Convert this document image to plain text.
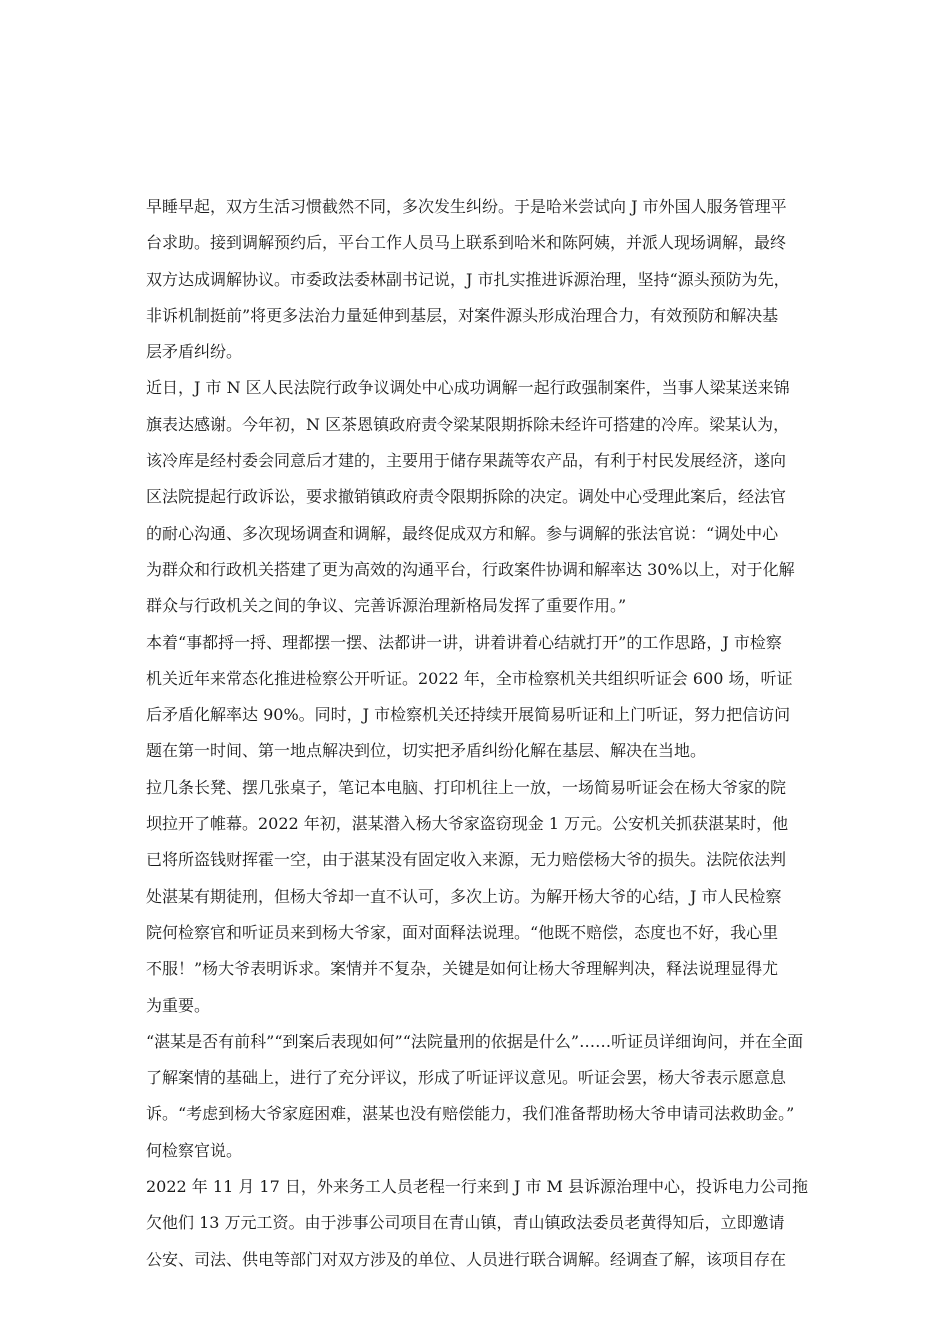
早睡早起，双方生活习惯截然不同，多次发生纠纷。于是哈米尝试向 J 市外国人服务管理平
台求助。接到调解预约后，平台工作人员马上联系到哈米和陈阿姨，并派人现场调解，最终
双方达成调解协议。市委政法委林副书记说，J 市扎实推进诉源治理，坚持“源头预防为先，
非诉机制挺前”将更多法治力量延伸到基层，对案件源头形成治理合力，有效预防和解决基
层矛盾纠纷。

近日，J 市 N 区人民法院行政争议调处中心成功调解一起行政强制案件，当事人梁某送来锦
旗表达感谢。今年初，N 区茶恩镇政府责令梁某限期拆除未经许可搭建的冷库。梁某认为，
该冷库是经村委会同意后才建的，主要用于储存果蔬等农产品，有利于村民发展经济，遂向
区法院提起行政诉讼，要求撤销镇政府责令限期拆除的决定。调处中心受理此案后，经法官
的耐心沟通、多次现场调查和调解，最终促成双方和解。参与调解的张法官说：“调处中心
为群众和行政机关搭建了更为高效的沟通平台，行政案件协调和解率达 30%以上，对于化解
群众与行政机关之间的争议、完善诉源治理新格局发挥了重要作用。”

本着“事都捋一捋、理都摆一摆、法都讲一讲，讲着讲着心结就打开”的工作思路，J 市检察
机关近年来常态化推进检察公开听证。2022 年，全市检察机关共组织听证会 600 场，听证
后矛盾化解率达 90%。同时，J 市检察机关还持续开展简易听证和上门听证，努力把信访问
题在第一时间、第一地点解决到位，切实把矛盾纠纷化解在基层、解决在当地。

拉几条长凳、摆几张桌子，笔记本电脑、打印机往上一放，一场简易听证会在杨大爷家的院
坝拉开了帷幕。2022 年初，湛某潜入杨大爷家盗窃现金 1 万元。公安机关抓获湛某时，他
已将所盗钱财挥霍一空，由于湛某没有固定收入来源，无力赔偿杨大爷的损失。法院依法判
处湛某有期徒刑，但杨大爷却一直不认可，多次上访。为解开杨大爷的心结，J 市人民检察
院何检察官和听证员来到杨大爷家，面对面释法说理。“他既不赔偿，态度也不好，我心里
不服！”杨大爷表明诉求。案情并不复杂，关键是如何让杨大爷理解判决，释法说理显得尤
为重要。

“湛某是否有前科”“到案后表现如何”“法院量刑的依据是什么”……听证员详细询问，并在全面
了解案情的基础上，进行了充分评议，形成了听证评议意见。听证会罢，杨大爷表示愿意息
诉。“考虑到杨大爷家庭困难，湛某也没有赔偿能力，我们准备帮助杨大爷申请司法救助金。”
何检察官说。

2022 年 11 月 17 日，外来务工人员老程一行来到 J 市 M 县诉源治理中心，投诉电力公司拖
欠他们 13 万元工资。由于涉事公司项目在青山镇，青山镇政法委员老黄得知后，立即邀请
公安、司法、供电等部门对双方涉及的单位、人员进行联合调解。经调查了解，该项目存在
